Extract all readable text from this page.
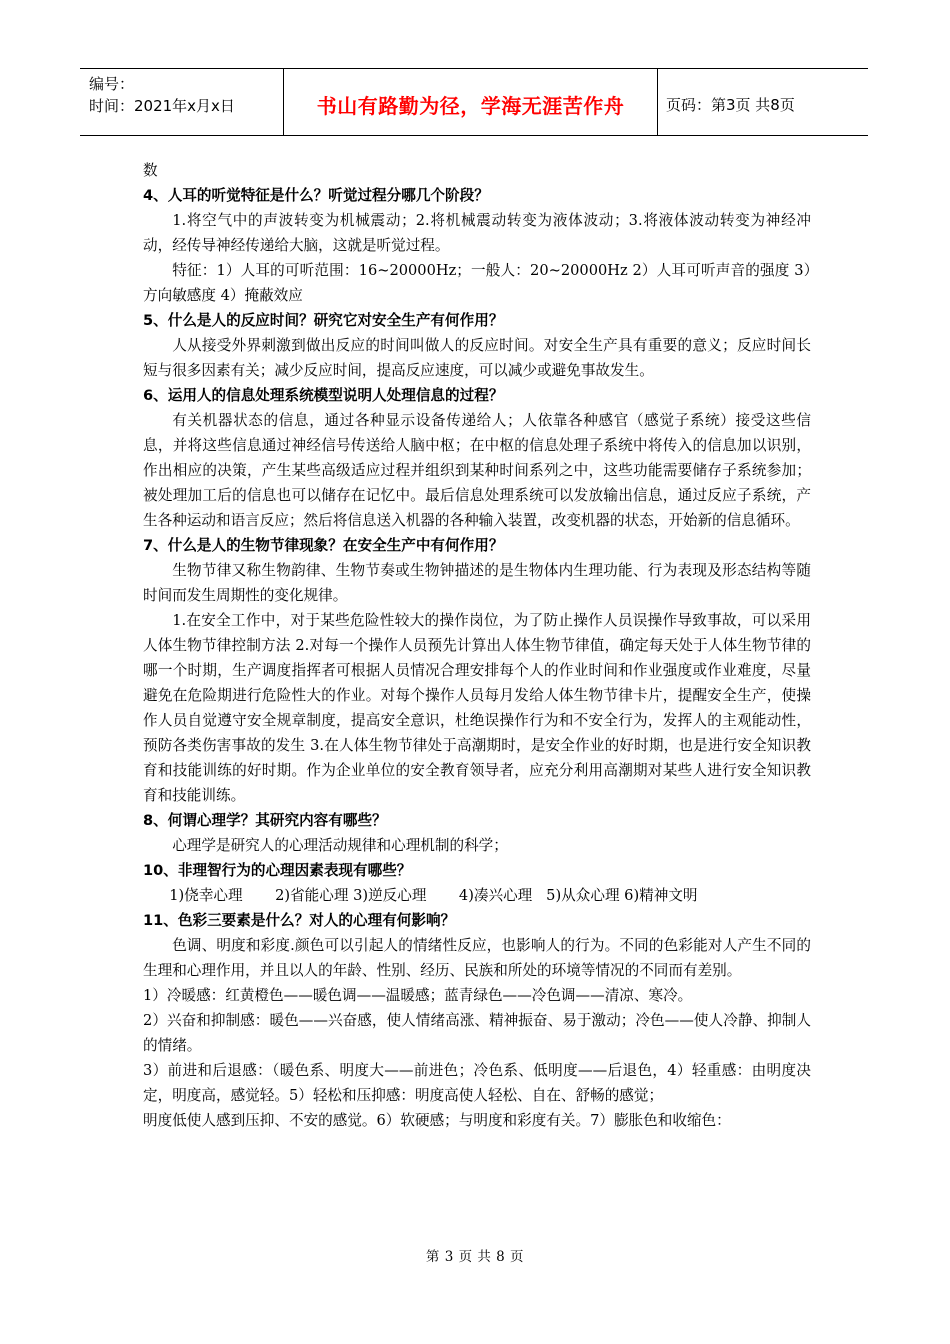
编号：
时间：2021年x月x日	书山有路勤为径，学海无涯苦作舟	页码：第3页 共8页

数

4、人耳的听觉特征是什么？听觉过程分哪几个阶段？

1.将空气中的声波转变为机械震动；2.将机械震动转变为液体波动；3.将液体波动转变为神经冲动，经传导神经传递给大脑，这就是听觉过程。

特征：1）人耳的可听范围：16~20000Hz；一般人：20~20000Hz 2）人耳可听声音的强度 3）方向敏感度 4）掩蔽效应

5、什么是人的反应时间？研究它对安全生产有何作用？

人从接受外界刺激到做出反应的时间叫做人的反应时间。对安全生产具有重要的意义；反应时间长短与很多因素有关；减少反应时间，提高反应速度，可以减少或避免事故发生。

6、运用人的信息处理系统模型说明人处理信息的过程？

有关机器状态的信息，通过各种显示设备传递给人；人依靠各种感官（感觉子系统）接受这些信息，并将这些信息通过神经信号传送给人脑中枢；在中枢的信息处理子系统中将传入的信息加以识别，作出相应的决策，产生某些高级适应过程并组织到某种时间系列之中，这些功能需要储存子系统参加；被处理加工后的信息也可以储存在记忆中。最后信息处理系统可以发放输出信息，通过反应子系统，产生各种运动和语言反应；然后将信息送入机器的各种输入装置，改变机器的状态，开始新的信息循环。

7、什么是人的生物节律现象？在安全生产中有何作用？

生物节律又称生物韵律、生物节奏或生物钟描述的是生物体内生理功能、行为表现及形态结构等随时间而发生周期性的变化规律。

1.在安全工作中，对于某些危险性较大的操作岗位，为了防止操作人员误操作导致事故，可以采用人体生物节律控制方法 2.对每一个操作人员预先计算出人体生物节律值，确定每天处于人体生物节律的哪一个时期，生产调度指挥者可根据人员情况合理安排每个人的作业时间和作业强度或作业难度，尽量避免在危险期进行危险性大的作业。对每个操作人员每月发给人体生物节律卡片，提醒安全生产，使操作人员自觉遵守安全规章制度，提高安全意识，杜绝误操作行为和不安全行为，发挥人的主观能动性，预防各类伤害事故的发生 3.在人体生物节律处于高潮期时，是安全作业的好时期，也是进行安全知识教育和技能训练的好时期。作为企业单位的安全教育领导者，应充分利用高潮期对某些人进行安全知识教育和技能训练。

8、何谓心理学？其研究内容有哪些？

心理学是研究人的心理活动规律和心理机制的科学；

10、非理智行为的心理因素表现有哪些？

1)侥幸心理       2)省能心理 3)逆反心理       4)凑兴心理   5)从众心理 6)精神文明

11、色彩三要素是什么？对人的心理有何影响？

色调、明度和彩度.颜色可以引起人的情绪性反应，也影响人的行为。不同的色彩能对人产生不同的生理和心理作用，并且以人的年龄、性别、经历、民族和所处的环境等情况的不同而有差别。

1）冷暖感：红黄橙色——暖色调——温暖感；蓝青绿色——冷色调——清凉、寒冷。

2）兴奋和抑制感：暖色——兴奋感，使人情绪高涨、精神振奋、易于激动；冷色——使人冷静、抑制人的情绪。

3）前进和后退感：（暖色系、明度大——前进色；冷色系、低明度——后退色，4）轻重感：由明度决定，明度高，感觉轻。5）轻松和压抑感：明度高使人轻松、自在、舒畅的感觉；

明度低使人感到压抑、不安的感觉。6）软硬感；与明度和彩度有关。7）膨胀色和收缩色：

第 3 页 共 8 页
